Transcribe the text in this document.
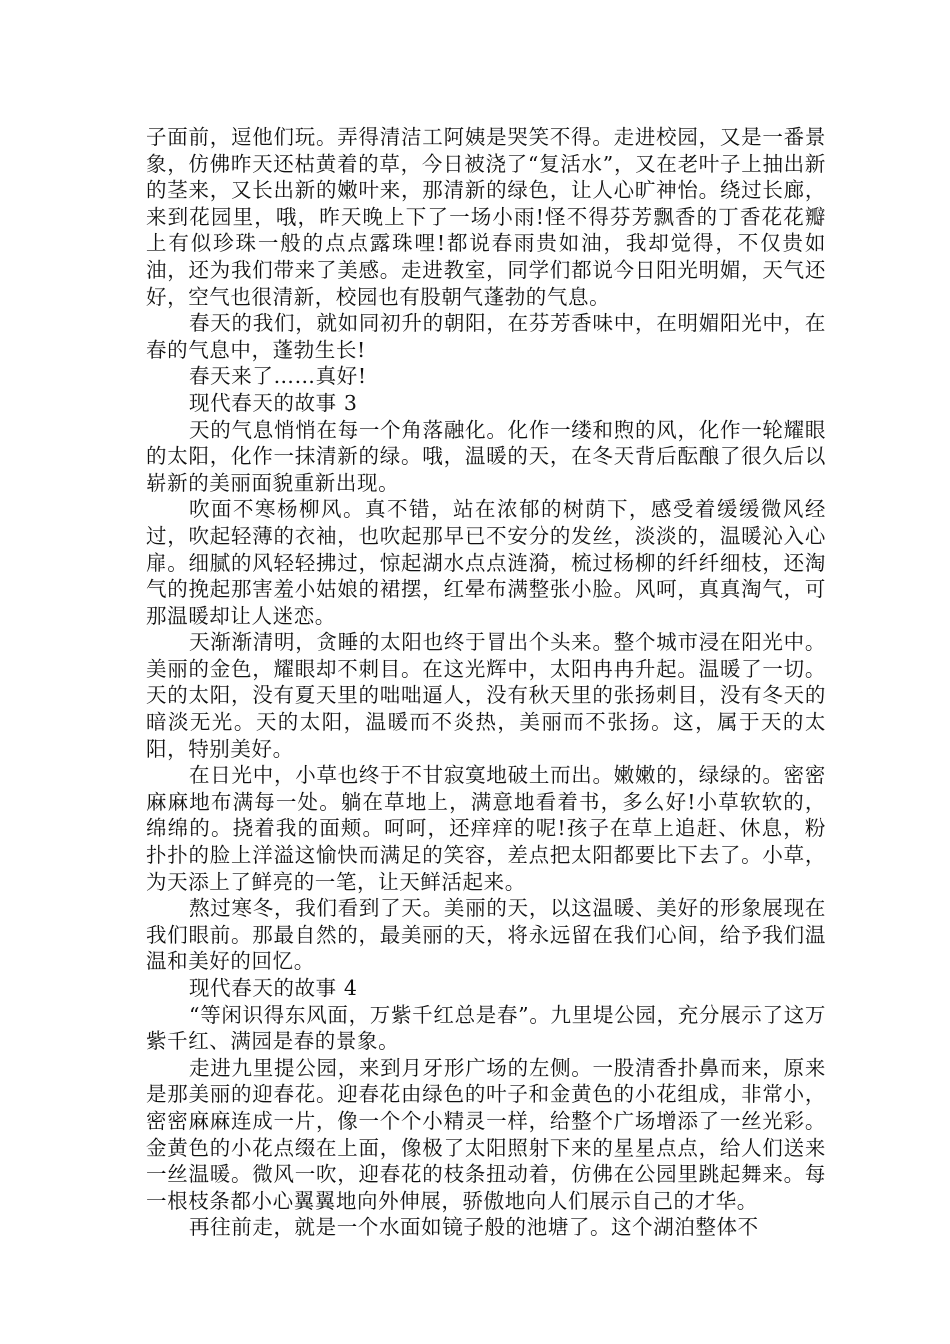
子面前，逗他们玩。弄得清洁工阿姨是哭笑不得。走进校园，又是一番景象，仿佛昨天还枯黄着的草，今日被浇了“复活水”，又在老叶子上抽出新的茎来，又长出新的嫩叶来，那清新的绿色，让人心旷神怡。绕过长廊，来到花园里，哦，昨天晚上下了一场小雨!怪不得芬芳飘香的丁香花花瓣上有似珍珠一般的点点露珠哩!都说春雨贵如油，我却觉得，不仅贵如油，还为我们带来了美感。走进教室，同学们都说今日阳光明媚，天气还好，空气也很清新，校园也有股朝气蓬勃的气息。

春天的我们，就如同初升的朝阳，在芬芳香味中，在明媚阳光中，在春的气息中，蓬勃生长!

春天来了……真好!

现代春天的故事 3

天的气息悄悄在每一个角落融化。化作一缕和煦的风，化作一轮耀眼的太阳，化作一抹清新的绿。哦，温暖的天，在冬天背后酝酿了很久后以崭新的美丽面貌重新出现。

吹面不寒杨柳风。真不错，站在浓郁的树荫下，感受着缓缓微风经过，吹起轻薄的衣袖，也吹起那早已不安分的发丝，淡淡的，温暖沁入心扉。细腻的风轻轻拂过，惊起湖水点点涟漪，梳过杨柳的纤纤细枝，还淘气的挽起那害羞小姑娘的裙摆，红晕布满整张小脸。风呵，真真淘气，可那温暖却让人迷恋。

天渐渐清明，贪睡的太阳也终于冒出个头来。整个城市浸在阳光中。美丽的金色，耀眼却不刺目。在这光辉中，太阳冉冉升起。温暖了一切。天的太阳，没有夏天里的咄咄逼人，没有秋天里的张扬刺目，没有冬天的暗淡无光。天的太阳，温暖而不炎热，美丽而不张扬。这，属于天的太阳，特别美好。

在日光中，小草也终于不甘寂寞地破土而出。嫩嫩的，绿绿的。密密麻麻地布满每一处。躺在草地上，满意地看着书，多么好!小草软软的，绵绵的。挠着我的面颊。呵呵，还痒痒的呢!孩子在草上追赶、休息，粉扑扑的脸上洋溢这愉快而满足的笑容，差点把太阳都要比下去了。小草，为天添上了鲜亮的一笔，让天鲜活起来。

熬过寒冬，我们看到了天。美丽的天，以这温暖、美好的形象展现在我们眼前。那最自然的，最美丽的天，将永远留在我们心间，给予我们温温和美好的回忆。

现代春天的故事 4

“等闲识得东风面，万紫千红总是春”。九里堤公园，充分展示了这万紫千红、满园是春的景象。

走进九里提公园，来到月牙形广场的左侧。一股清香扑鼻而来，原来是那美丽的迎春花。迎春花由绿色的叶子和金黄色的小花组成，非常小，密密麻麻连成一片，像一个个小精灵一样，给整个广场增添了一丝光彩。金黄色的小花点缀在上面，像极了太阳照射下来的星星点点，给人们送来一丝温暖。微风一吹，迎春花的枝条扭动着，仿佛在公园里跳起舞来。每一根枝条都小心翼翼地向外伸展，骄傲地向人们展示自己的才华。

再往前走，就是一个水面如镜子般的池塘了。这个湖泊整体不
